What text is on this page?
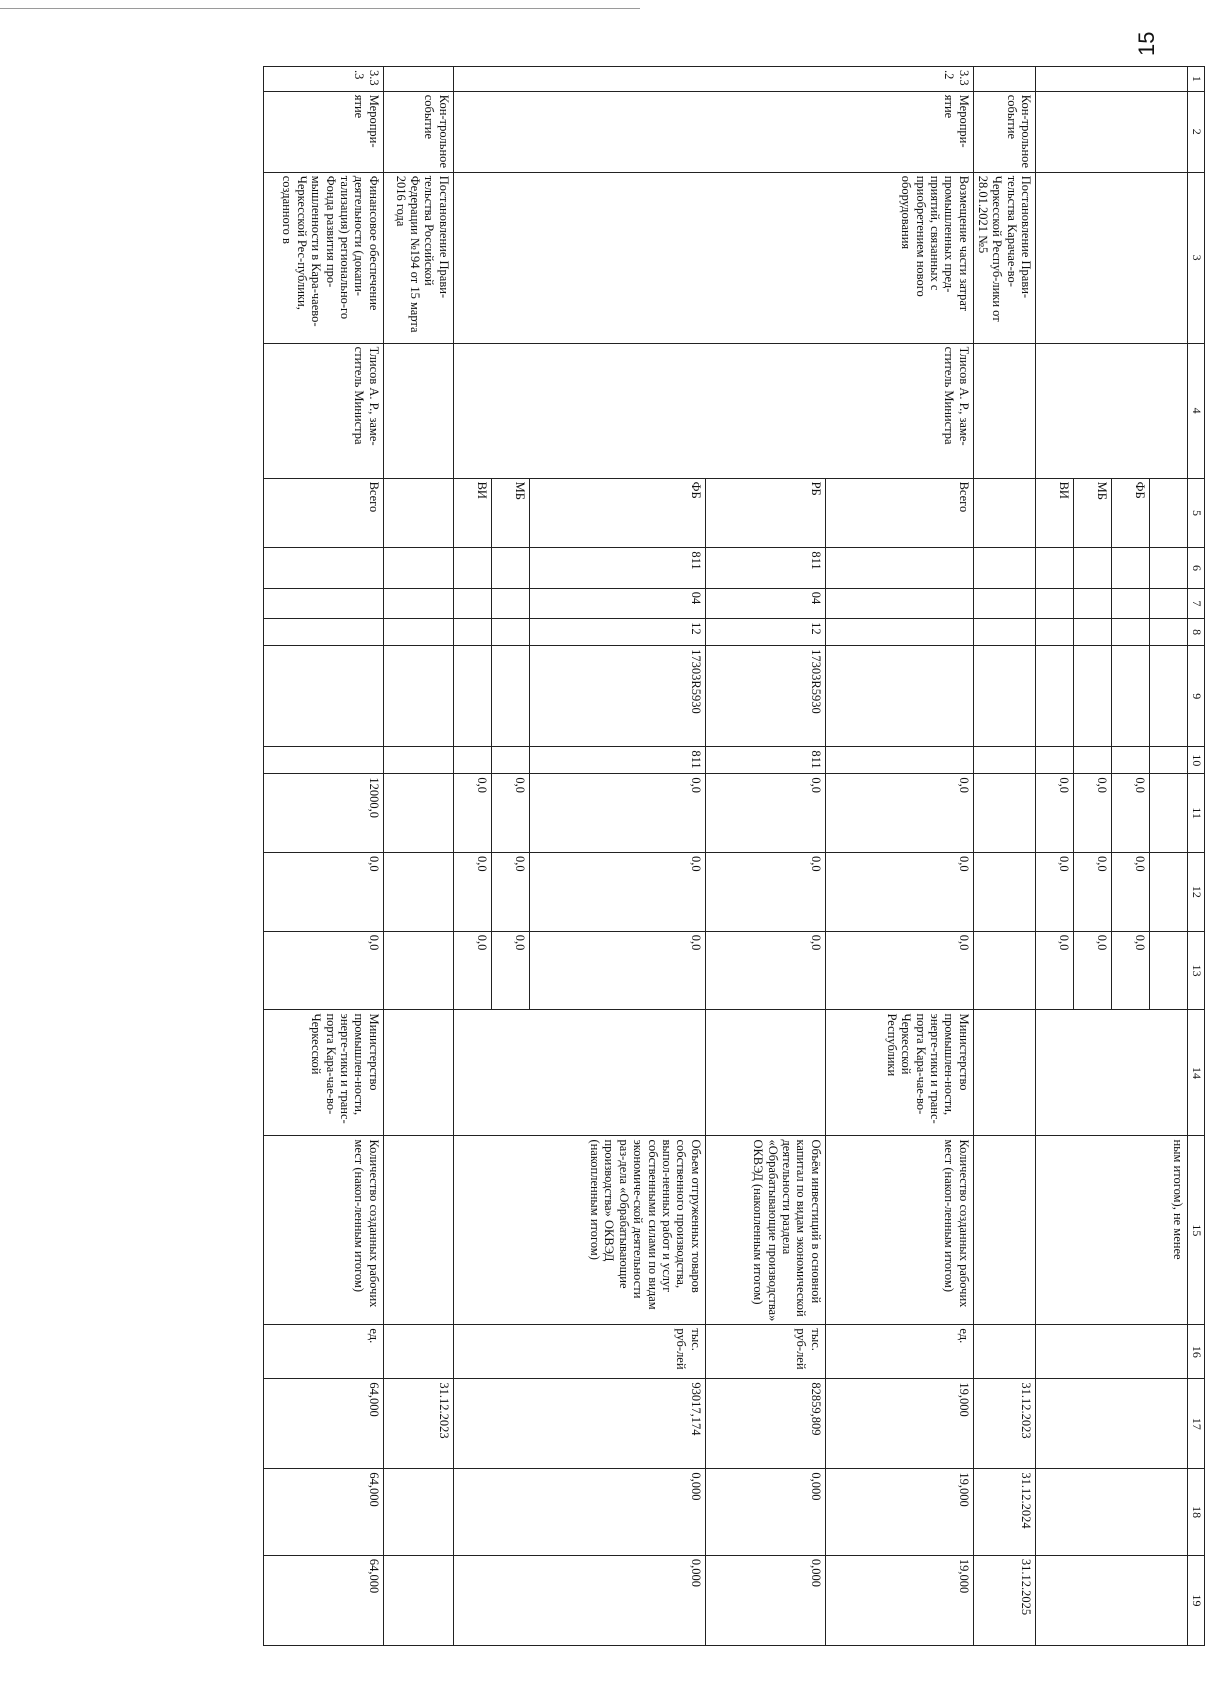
15
1	2	3	4	5	6	7	8	9	10	11	12	13	14	15	16	17	18	19
														ным итогом), не менее				
				ФБ						0,0	0,0	0,0						
				МБ						0,0	0,0	0,0						
				ВИ						0,0	0,0	0,0						
	Кон-трольное событие	Постановление Прави-тельства Карачае-во-Черкесской Респуб-лики от 28.01.2021 №5														31.12.2023	31.12.2024	31.12.2025
3.3.2	Меропри-ятие	Возмещение части затрат промышленных пред-приятий, связанных с приобретением нового оборудования	Тлисов А. Р., заме-ститель Министра	Всего						0,0	0,0	0,0	Министерство промышлен-ности, энерге-тики и транс-порта Кара-чае-во-Черкесской Республики	Количество созданных рабочих мест (накоп-ленным итогом)	ед.	19,000	19,000	19,000
				РБ	811	04	12	17303R5930	811	0,0	0,0	0,0		Объём инвестиций в основной капитал по видам экономической деятельности раздела «Обрабатывающие производства» ОКВЭД (накопленным итогом)	тыс. руб-лей	82859,809	0,000	0,000
				ФБ	811	04	12	17303R5930	811	0,0	0,0	0,0		Объем отгруженных товаров собственного производства, выпол-ненных работ и услуг собственными силами по видам экономиче-ской деятельности раз-дела «Обрабатывающие производства» ОКВЭД (накопленным итогом)	тыс. руб-лей	93017,174	0,000	0,000
				МБ						0,0	0,0	0,0						
				ВИ						0,0	0,0	0,0						
	Кон-трольное событие	Постановление Прави-тельства Российской Федерации №194 от 15 марта 2016 года														31.12.2023		
3.3.3	Меропри-ятие	Финансовое обеспечение деятельности (докапи-тализация) регионально-го Фонда развития про-мышленности в Кара-чаево-Черкесской Рес-публики, созданного в	Тлисов А. Р., заме-ститель Министра	Всего						12000,0	0,0	0,0	Министерство промышлен-ности, энерге-тики и транс-порта Кара-чае-во-Черкесской	Количество созданных рабочих мест (накоп-ленным итогом)	ед.	64,000	64,000	64,000
